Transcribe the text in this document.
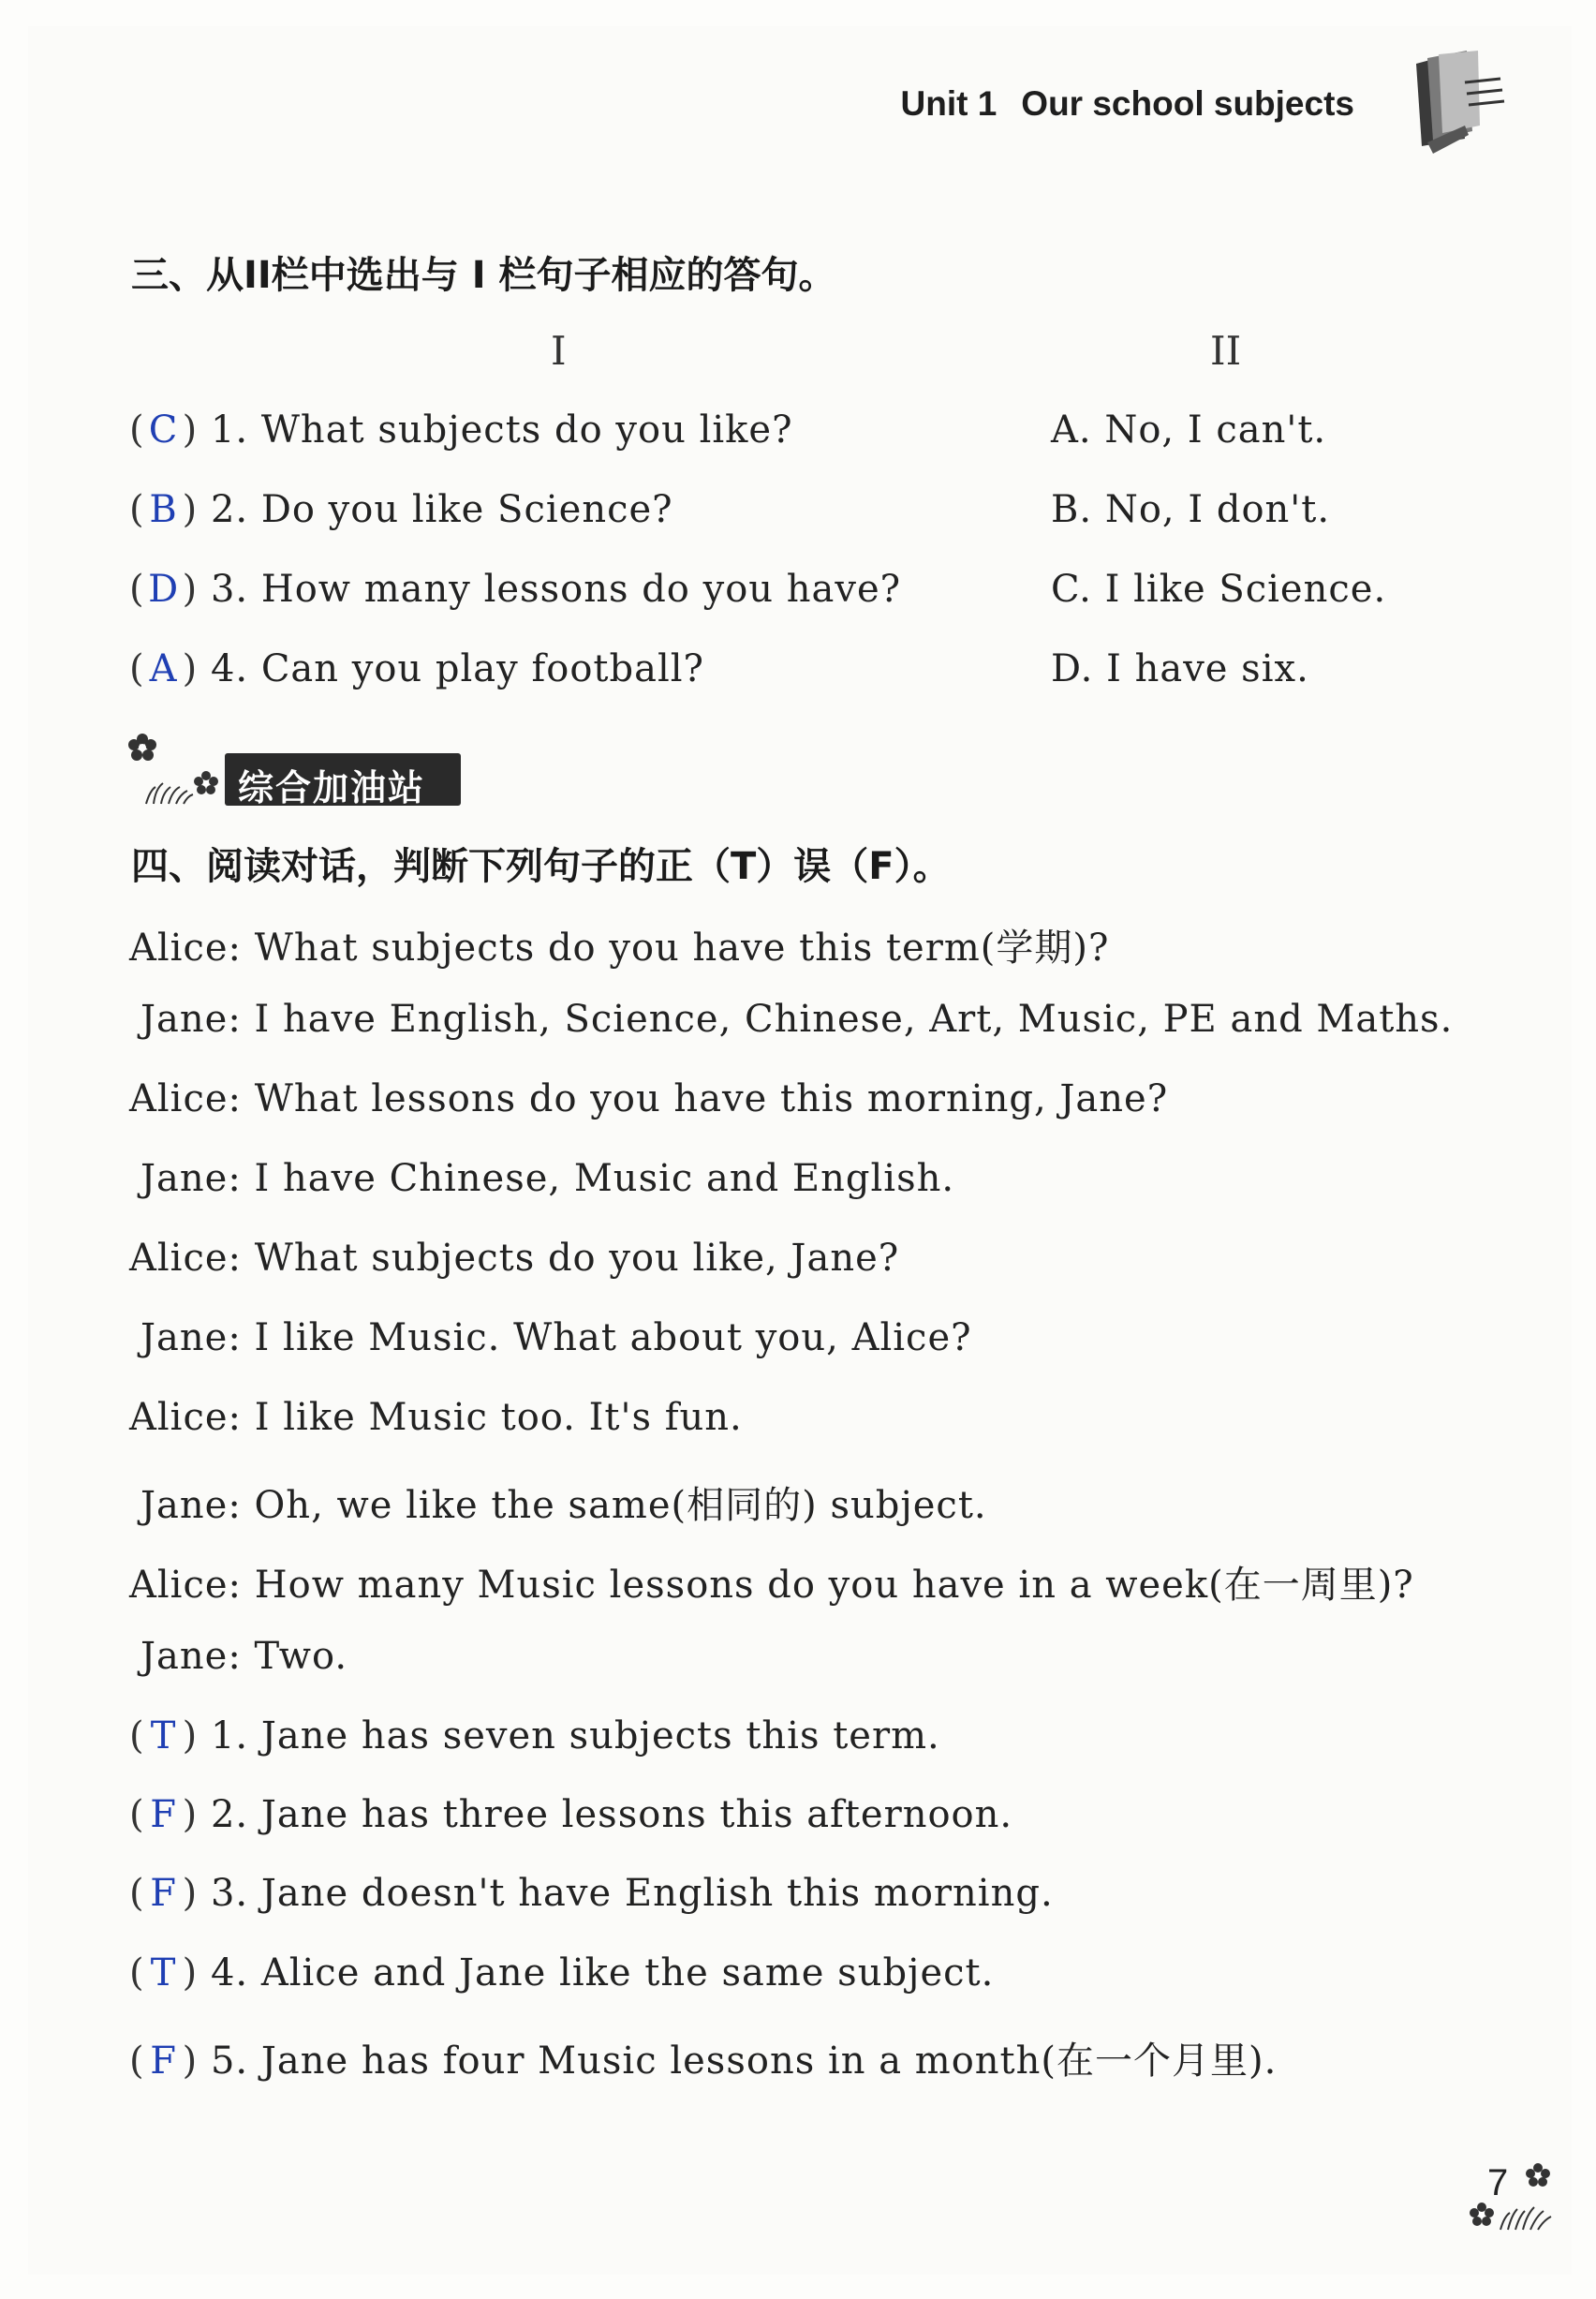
Unit 1 Our school subjects
三、从II栏中选出与 I 栏句子相应的答句。
I	II
( C ) 1. What subjects do you like?
( B ) 2. Do you like Science?
(D) 3. How many lessons do you have?
( A ) 4. Can you play football?
A. No, I can't.
B. No, I don't.
C. I like Science.
D. I have six.
综合加油站
四、阅读对话，判断下列句子的正（T）误（F）。
Alice: What subjects do you have this term(学期)?
Jane: I have English, Science, Chinese, Art, Music, PE and Maths.
Alice: What lessons do you have this morning, Jane?
Jane: I have Chinese, Music and English.
Alice: What subjects do you like, Jane?
Jane: I like Music. What about you, Alice?
Alice: I like Music too. It's fun.
Jane: Oh, we like the same(相同的) subject.
Alice: How many Music lessons do you have in a week(在一周里)?
Jane: Two.
( T ) 1. Jane has seven subjects this term.
( F ) 2. Jane has three lessons this afternoon.
( F ) 3. Jane doesn't have English this morning.
( T ) 4. Alice and Jane like the same subject.
( F ) 5. Jane has four Music lessons in a month(在一个月里).
7
